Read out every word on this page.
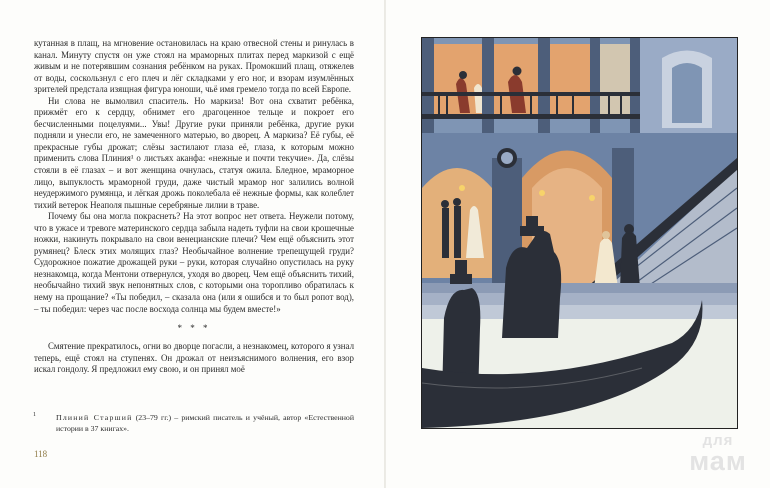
кутанная в плащ, на мгновение остановилась на краю отвесной стены и ринулась в канал. Минуту спустя он уже стоял на мраморных плитах перед маркизой с ещё живым и не потерявшим сознания ребёнком на руках. Промокший плащ, отяжелев от воды, соскользнул с его плеч и лёг складками у его ног, и взорам изумлённых зрителей предстала изящная фигура юноши, чьё имя гремело тогда по всей Европе.

Ни слова не вымолвил спаситель. Но маркиза! Вот она схватит ребёнка, прижмёт его к сердцу, обнимет его драгоценное тельце и покроет его бесчисленными поцелуями... Увы! Другие руки приняли ребёнка, другие руки подняли и унесли его, не замеченного матерью, во дворец. А маркиза? Её губы, её прекрасные губы дрожат; слёзы застилают глаза её, глаза, к которым можно применить слова Плиния¹ о листьях аканфа: «нежные и почти текучие». Да, слёзы стояли в её глазах – и вот женщина очнулась, статуя ожила. Бледное, мраморное лицо, выпуклость мраморной груди, даже чистый мрамор ног залились волной неудержимого румянца, и лёгкая дрожь поколебала её нежные формы, как колеблет тихий ветерок Неаполя пышные серебряные лилии в траве.

Почему бы она могла покраснеть? На этот вопрос нет ответа. Неужели потому, что в ужасе и тревоге материнского сердца забыла надеть туфли на свои крошечные ножки, накинуть покрывало на свои венецианские плечи? Чем ещё объяснить этот румянец? Блеск этих молящих глаз? Необычайное волнение трепещущей груди? Судорожное пожатие дрожащей руки – руки, которая случайно опустилась на руку незнакомца, когда Ментони отвернулся, уходя во дворец. Чем ещё объяснить тихий, необычайно тихий звук непонятных слов, с которыми она торопливо обратилась к нему на прощание? «Ты победил, – сказала она (или я ошибся и то был ропот вод), – ты победил: через час после восхода солнца мы будем вместе!»

* * *

Смятение прекратилось, огни во дворце погасли, а незнакомец, которого я узнал теперь, ещё стоял на ступенях. Он дрожал от неизъяснимого волнения, его взор искал гондолу. Я предложил ему свою, и он принял моё

1	Плиний Старший (23–79 гг.) – римский писатель и учёный, автор «Естественной истории в 37 книгах».
118
для
мам
